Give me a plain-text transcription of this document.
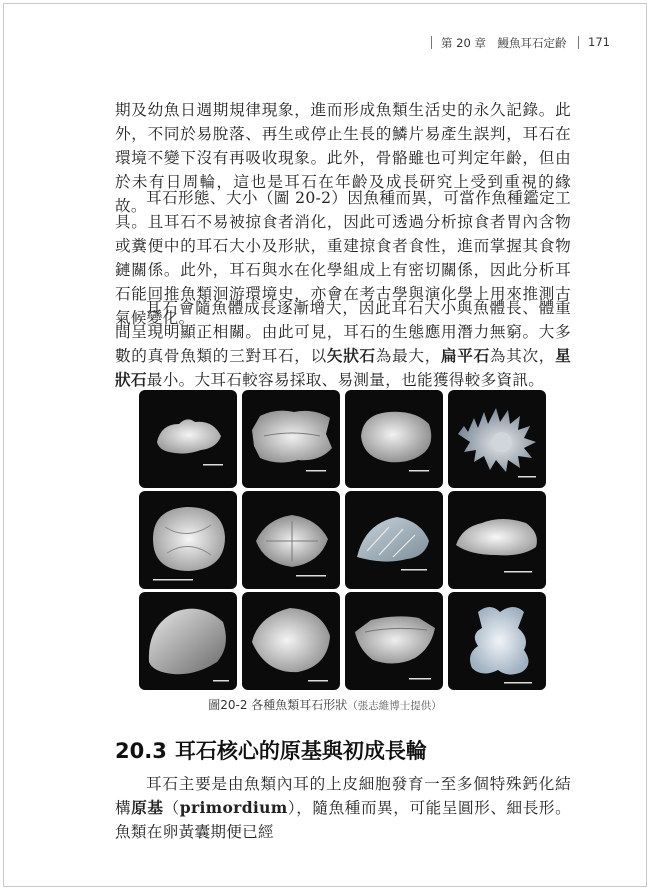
第 20 章　鰻魚耳石定齡 171
期及幼魚日週期規律現象，進而形成魚類生活史的永久記錄。此外，不同於易脫落、再生或停止生長的鱗片易產生誤判，耳石在環境不變下沒有再吸收現象。此外，骨骼雖也可判定年齡，但由於未有日周輪，這也是耳石在年齡及成長研究上受到重視的緣故。 耳石形態、大小（圖 20-2）因魚種而異，可當作魚種鑑定工具。且耳石不易被掠食者消化，因此可透過分析掠食者胃內含物或糞便中的耳石大小及形狀，重建掠食者食性，進而掌握其食物鏈關係。此外，耳石與水在化學組成上有密切關係，因此分析耳石能回推魚類洄游環境史，亦會在考古學與演化學上用來推測古氣候變化。
耳石會隨魚體成長逐漸增大，因此耳石大小與魚體長、體重間呈現明顯正相關。由此可見，耳石的生態應用潛力無窮。大多數的真骨魚類的三對耳石，以矢狀石為最大，扁平石為其次，星狀石最小。大耳石較容易採取、易測量，也能獲得較多資訊。
圖20-2 各種魚類耳石形狀（張志維博士提供）
20.3 耳石核心的原基與初成長輪
耳石主要是由魚類內耳的上皮細胞發育一至多個特殊鈣化結構原基（primordium），隨魚種而異，可能呈圓形、細長形。魚類在卵黃囊期便已經
